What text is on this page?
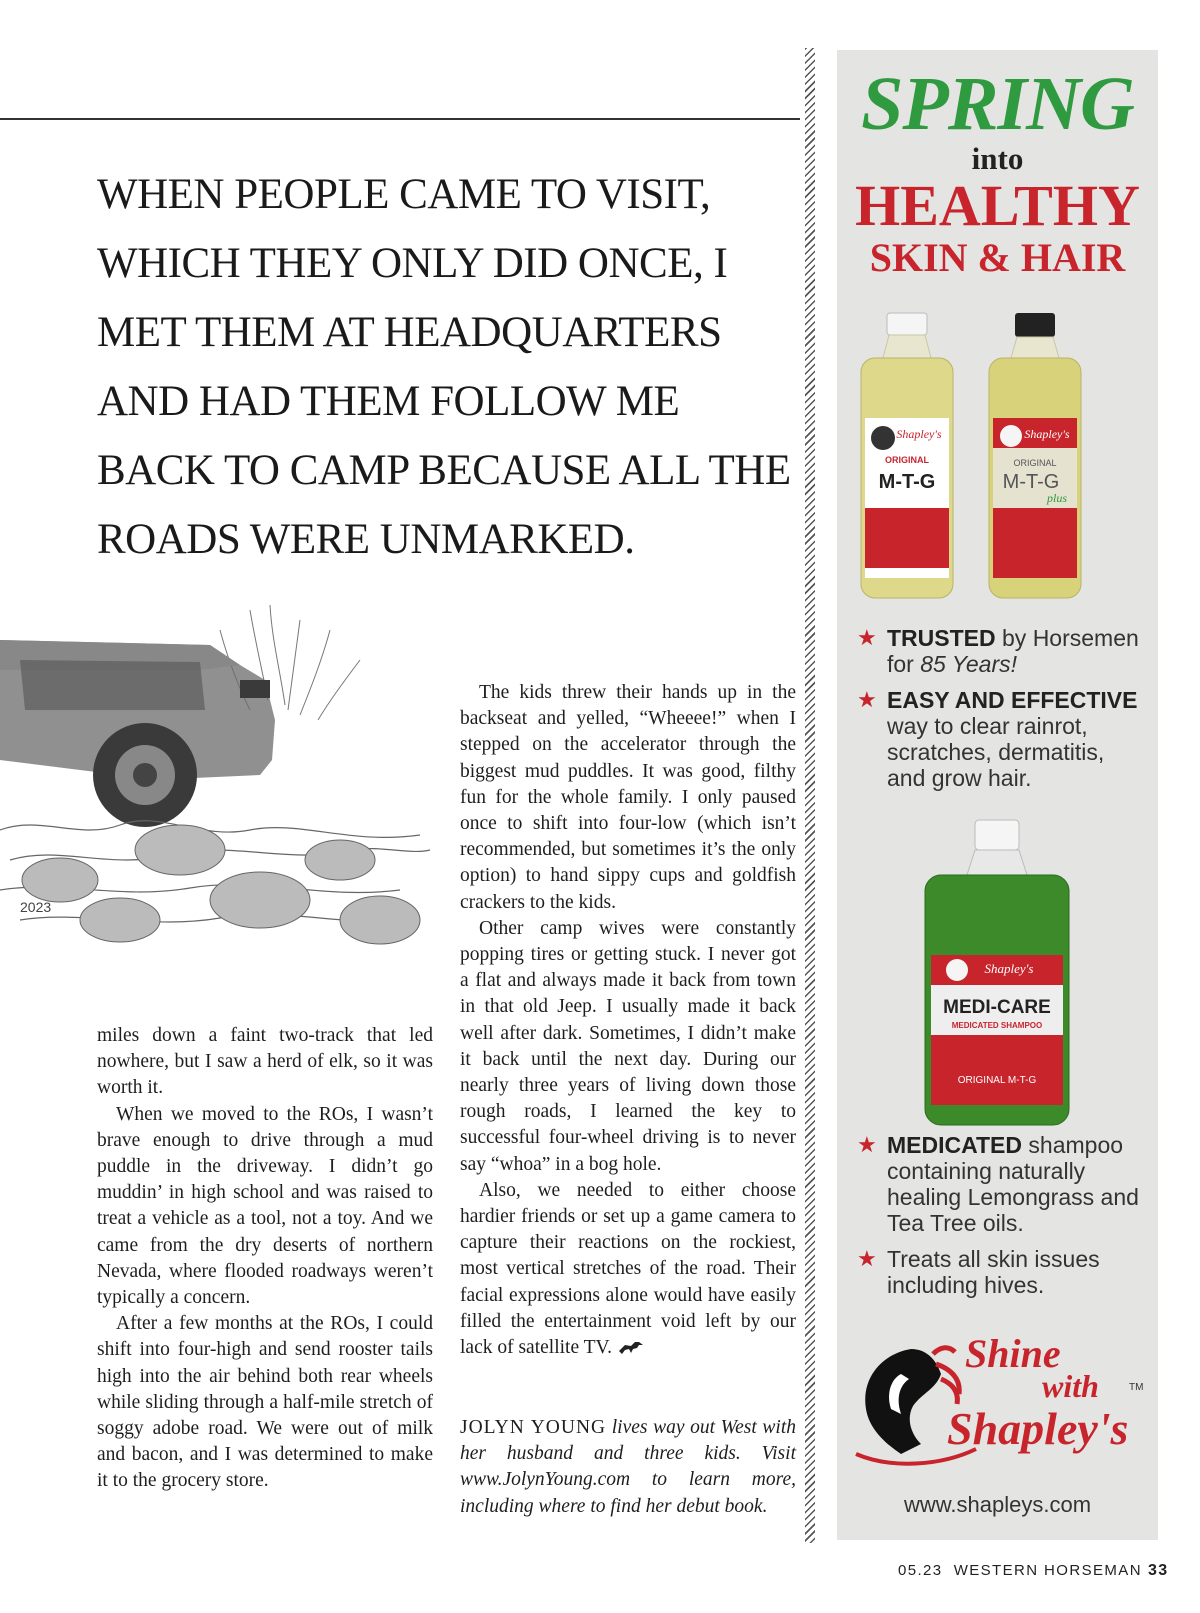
WHEN PEOPLE CAME TO VISIT,
WHICH THEY ONLY DID ONCE, I
MET THEM AT HEADQUARTERS
AND HAD THEM FOLLOW ME
BACK TO CAMP BECAUSE ALL THE
ROADS WERE UNMARKED.
2023

miles down a faint two-track that led nowhere, but I saw a herd of elk, so it was worth it.

When we moved to the ROs, I wasn’t brave enough to drive through a mud puddle in the driveway. I didn’t go muddin’ in high school and was raised to treat a vehicle as a tool, not a toy. And we came from the dry deserts of northern Nevada, where flooded roadways weren’t typically a concern.

After a few months at the ROs, I could shift into four-high and send rooster tails high into the air behind both rear wheels while sliding through a half-mile stretch of soggy adobe road. We were out of milk and bacon, and I was determined to make it to the grocery store.

The kids threw their hands up in the backseat and yelled, “Wheeee!” when I stepped on the accelerator through the biggest mud puddles. It was good, filthy fun for the whole family. I only paused once to shift into four-low (which isn’t recommended, but sometimes it’s the only option) to hand sippy cups and goldfish crackers to the kids.

Other camp wives were constantly popping tires or getting stuck. I never got a flat and always made it back from town in that old Jeep. I usually made it back well after dark. Sometimes, I didn’t make it back until the next day. During our nearly three years of living down those rough roads, I learned the key to successful four-wheel driving is to never say “whoa” in a bog hole.

Also, we needed to either choose hardier friends or set up a game camera to capture their reactions on the rockiest, most vertical stretches of the road. Their facial expressions alone would have easily filled the entertainment void left by our lack of satellite TV.

JOLYN YOUNG lives way out West with her husband and three kids. Visit www.JolynYoung.com to learn more, including where to find her debut book.
SPRING
into
HEALTHY
SKIN & HAIR
Shapley's
ORIGINAL
M-T-G
Shapley's
ORIGINAL
M-T-G
plus
★ TRUSTED by Horsemen for 85 Years!
★ EASY AND EFFECTIVE way to clear rainrot, scratches, dermatitis, and grow hair.
Shapley's
MEDI-CARE
MEDICATED SHAMPOO
ORIGINAL M-T-G
★ MEDICATED shampoo containing naturally healing Lemongrass and Tea Tree oils.
★ Treats all skin issues including hives.
Shine
with
Shapley's
TM
www.shapleys.com
05.23 WESTERN HORSEMAN 33
